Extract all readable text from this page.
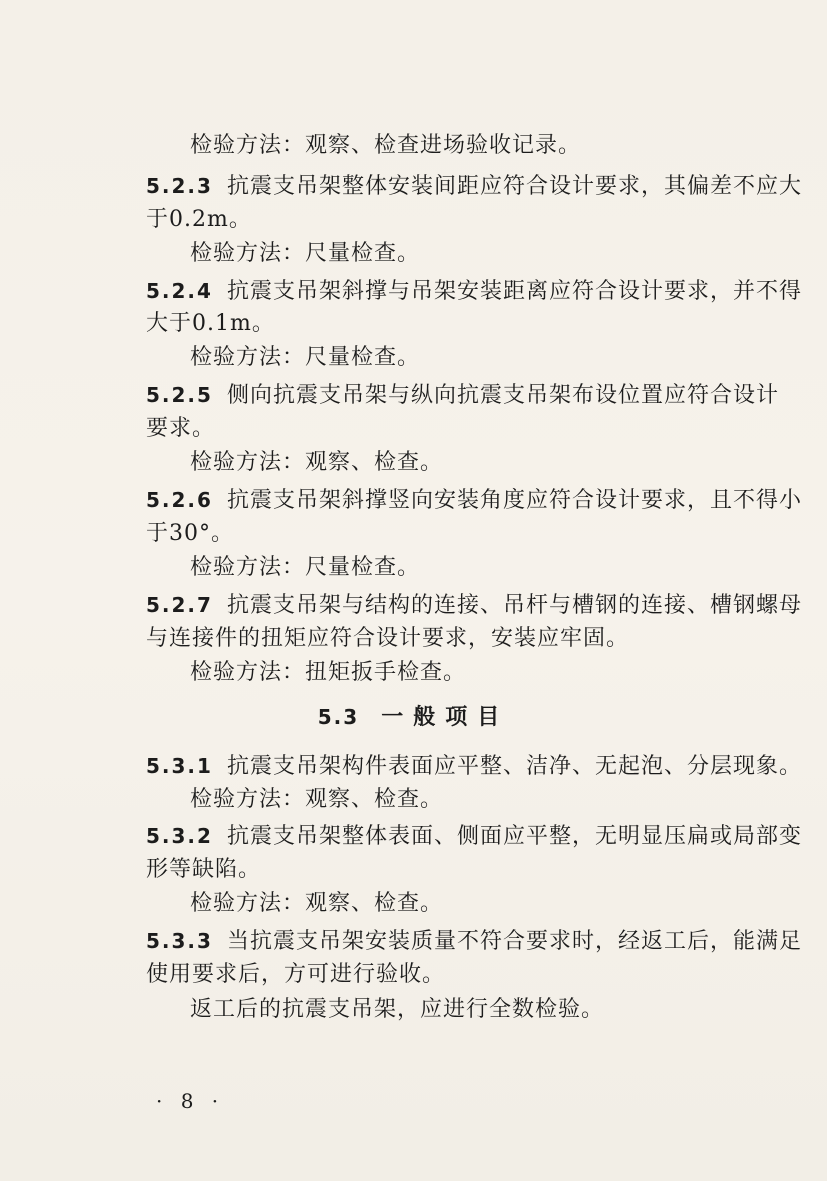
检验方法：观察、检查进场验收记录。
5.2.3 抗震支吊架整体安装间距应符合设计要求，其偏差不应大
于0.2m。
检验方法：尺量检查。
5.2.4 抗震支吊架斜撑与吊架安装距离应符合设计要求，并不得
大于0.1m。
检验方法：尺量检查。
5.2.5 侧向抗震支吊架与纵向抗震支吊架布设位置应符合设计
要求。
检验方法：观察、检查。
5.2.6 抗震支吊架斜撑竖向安装角度应符合设计要求，且不得小
于30°。
检验方法：尺量检查。
5.2.7 抗震支吊架与结构的连接、吊杆与槽钢的连接、槽钢螺母
与连接件的扭矩应符合设计要求，安装应牢固。
检验方法：扭矩扳手检查。
5.3 一般项目
5.3.1 抗震支吊架构件表面应平整、洁净、无起泡、分层现象。
检验方法：观察、检查。
5.3.2 抗震支吊架整体表面、侧面应平整，无明显压扁或局部变
形等缺陷。
检验方法：观察、检查。
5.3.3 当抗震支吊架安装质量不符合要求时，经返工后，能满足
使用要求后，方可进行验收。
返工后的抗震支吊架，应进行全数检验。
· 8 ·
